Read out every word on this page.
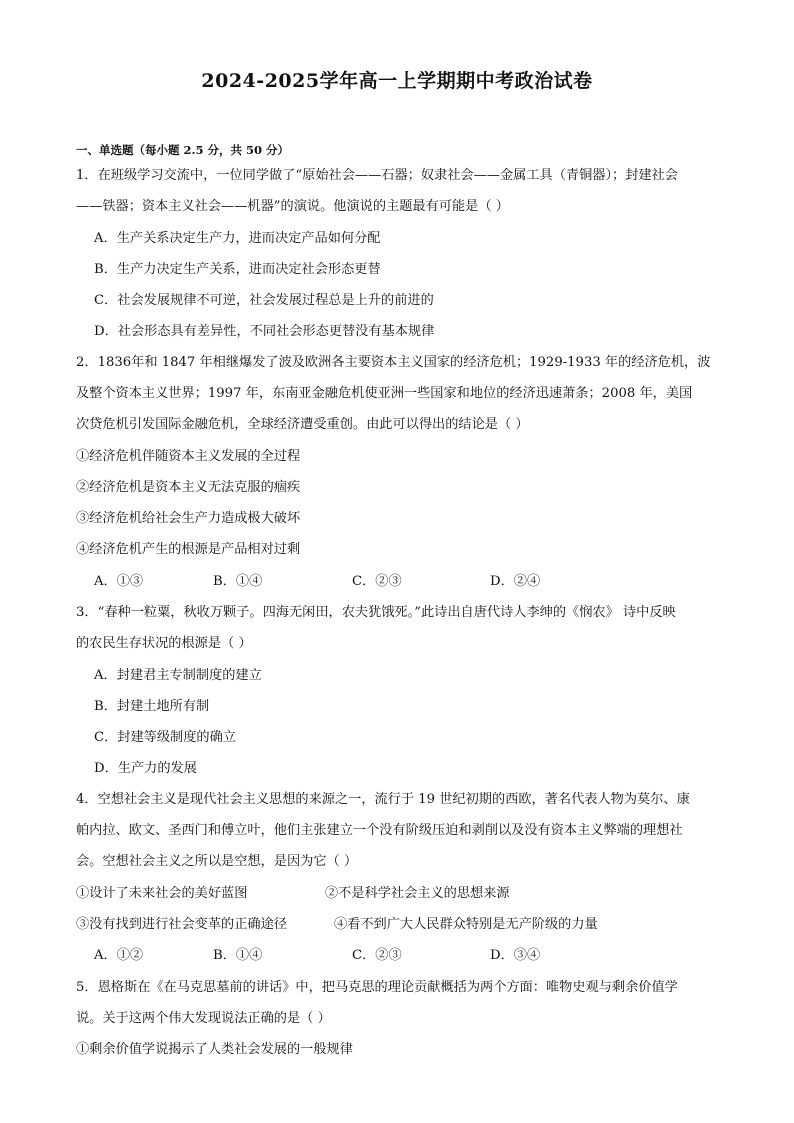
2024-2025学年高一上学期期中考政治试卷
一、单选题（每小题 2.5 分，共 50 分）
1．在班级学习交流中，一位同学做了“原始社会——石器；奴隶社会——金属工具（青铜器）；封建社会
——铁器；资本主义社会——机器”的演说。他演说的主题最有可能是（ ）
A．生产关系决定生产力，进而决定产品如何分配
B．生产力决定生产关系，进而决定社会形态更替
C．社会发展规律不可逆，社会发展过程总是上升的前进的
D．社会形态具有差异性，不同社会形态更替没有基本规律
2．1836年和 1847 年相继爆发了波及欧洲各主要资本主义国家的经济危机；1929-1933 年的经济危机，波
及整个资本主义世界；1997 年，东南亚金融危机使亚洲一些国家和地位的经济迅速萧条；2008 年，美国
次贷危机引发国际金融危机，全球经济遭受重创。由此可以得出的结论是（ ）
①经济危机伴随资本主义发展的全过程
②经济危机是资本主义无法克服的痼疾
③经济危机给社会生产力造成极大破坏
④经济危机产生的根源是产品相对过剩
A．①③	B．①④	C．②③	D．②④
3．“春种一粒粟，秋收万颗子。四海无闲田，农夫犹饿死。”此诗出自唐代诗人李绅的《悯农》 诗中反映
的农民生存状况的根源是（ ）
A．封建君主专制制度的建立
B．封建土地所有制
C．封建等级制度的确立
D．生产力的发展
4．空想社会主义是现代社会主义思想的来源之一，流行于 19 世纪初期的西欧，著名代表人物为莫尔、康
帕内拉、欧文、圣西门和傅立叶，他们主张建立一个没有阶级压迫和剥削以及没有资本主义弊端的理想社
会。空想社会主义之所以是空想，是因为它（ ）
①设计了未来社会的美好蓝图	②不是科学社会主义的思想来源
③没有找到进行社会变革的正确途径	④看不到广大人民群众特别是无产阶级的力量
A．①②	B．①④	C．②③	D．③④
5．恩格斯在《在马克思墓前的讲话》中，把马克思的理论贡献概括为两个方面：唯物史观与剩余价值学
说。关于这两个伟大发现说法正确的是（ ）
①剩余价值学说揭示了人类社会发展的一般规律
